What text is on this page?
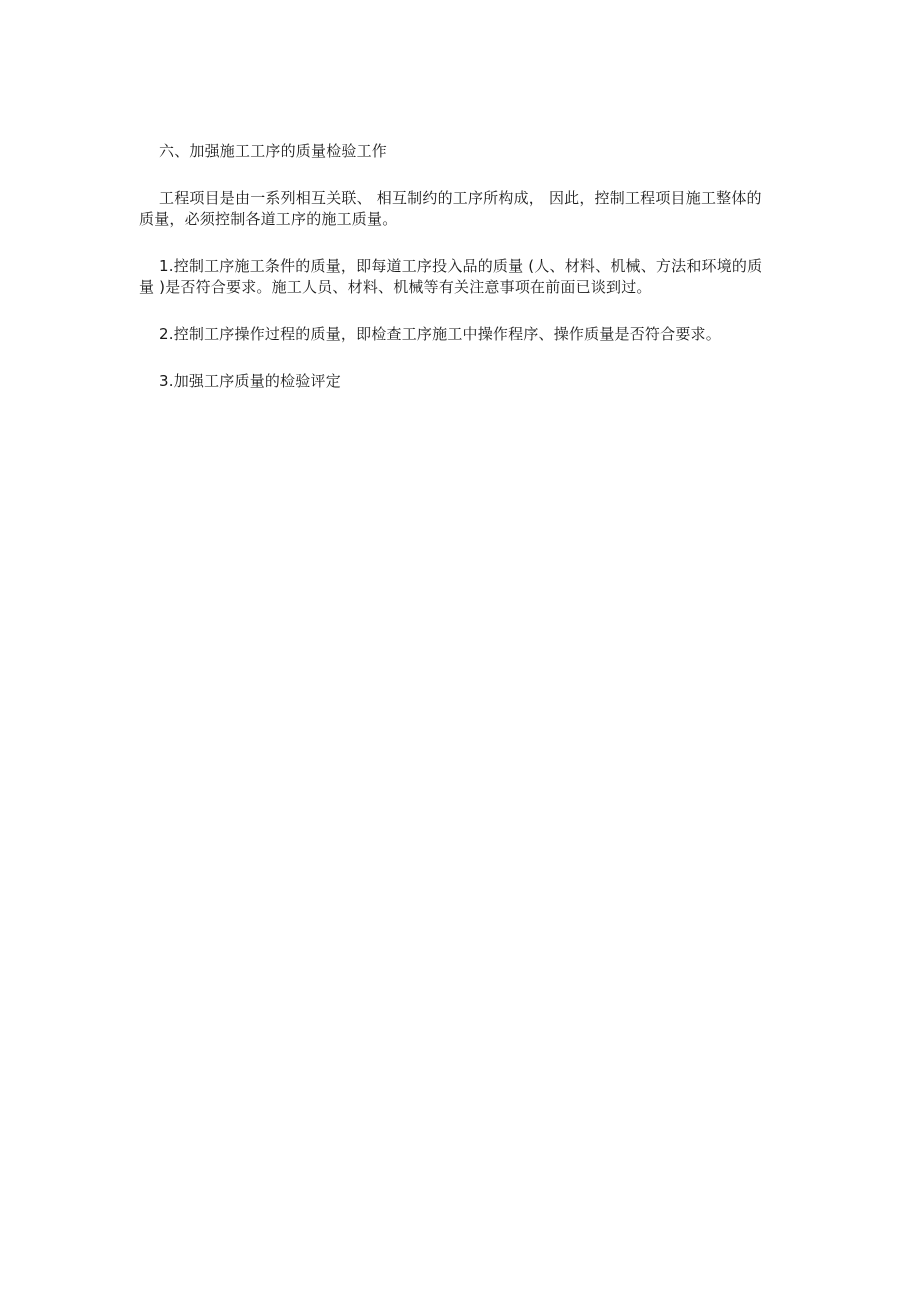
六、加强施工工序的质量检验工作

工程项目是由一系列相互关联、 相互制约的工序所构成， 因此，控制工程项目施工整体的质量，必须控制各道工序的施工质量。

1.控制工序施工条件的质量，即每道工序投入品的质量 (人、材料、机械、方法和环境的质量 )是否符合要求。施工人员、材料、机械等有关注意事项在前面已谈到过。

2.控制工序操作过程的质量，即检查工序施工中操作程序、操作质量是否符合要求。

3.加强工序质量的检验评定
